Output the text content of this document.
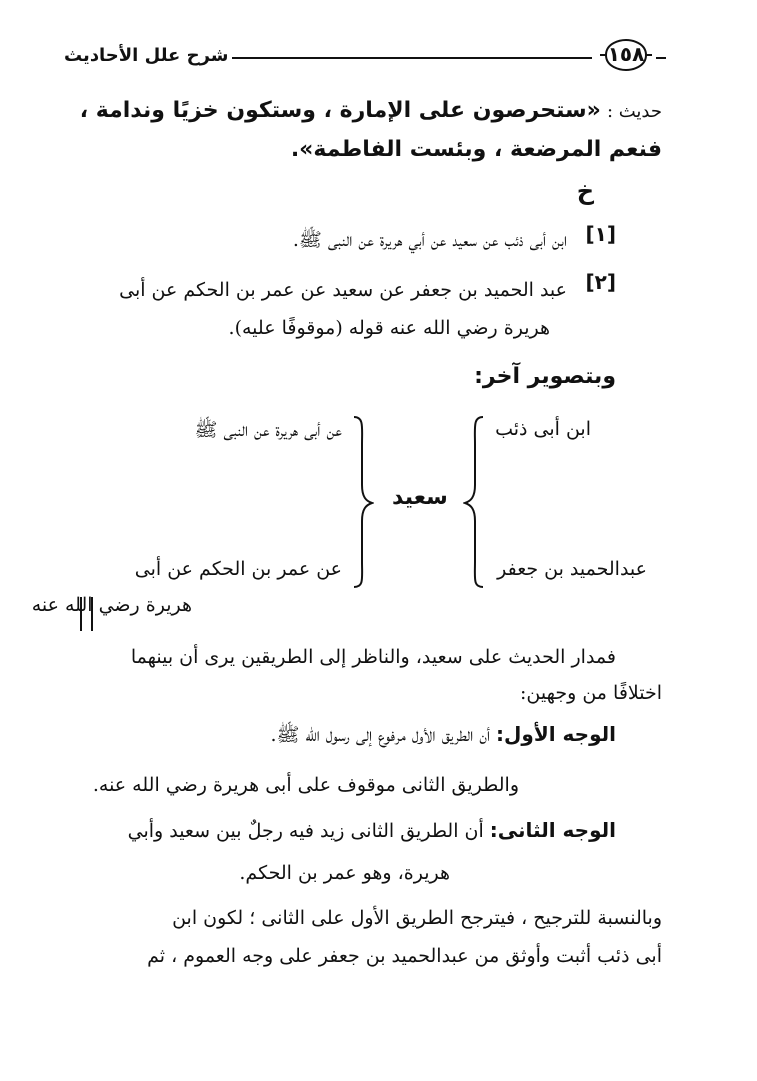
شرح علل الأحاديث	١٥٨
حديث : «ستحرصون على الإمارة ، وستكون خزيًا وندامة ،
فنعم المرضعة ، وبئست الفاطمة».
خ
[١]
ابن أبى ذئب عن سعيد عن أبي هريرة عن النبى ﷺ.
[٢]
عبد الحميد بن جعفر عن سعيد عن عمر بن الحكم عن أبى
هريرة رضي الله عنه قوله (موقوفًا عليه).
وبتصوير آخر:
ابن أبى ذئب
عبدالحميد بن جعفر
سعيد
عن أبى هريرة عن النبى ﷺ
عن عمر بن الحكم عن أبى
هريرة رضي الله عنه
فمدار الحديث على سعيد، والناظر إلى الطريقين يرى أن بينهما
اختلافًا من وجهين:
الوجه الأول: أن الطريق الأول مرفوع إلى رسول الله ﷺ.
والطريق الثانى موقوف على أبى هريرة رضي الله عنه.
الوجه الثانى: أن الطريق الثانى زيد فيه رجلٌ بين سعيد وأبي
هريرة، وهو عمر بن الحكم.
وبالنسبة للترجيح ، فيترجح الطريق الأول على الثانى ؛ لكون ابن
أبى ذئب أثبت وأوثق من عبدالحميد بن جعفر على وجه العموم ، ثم
